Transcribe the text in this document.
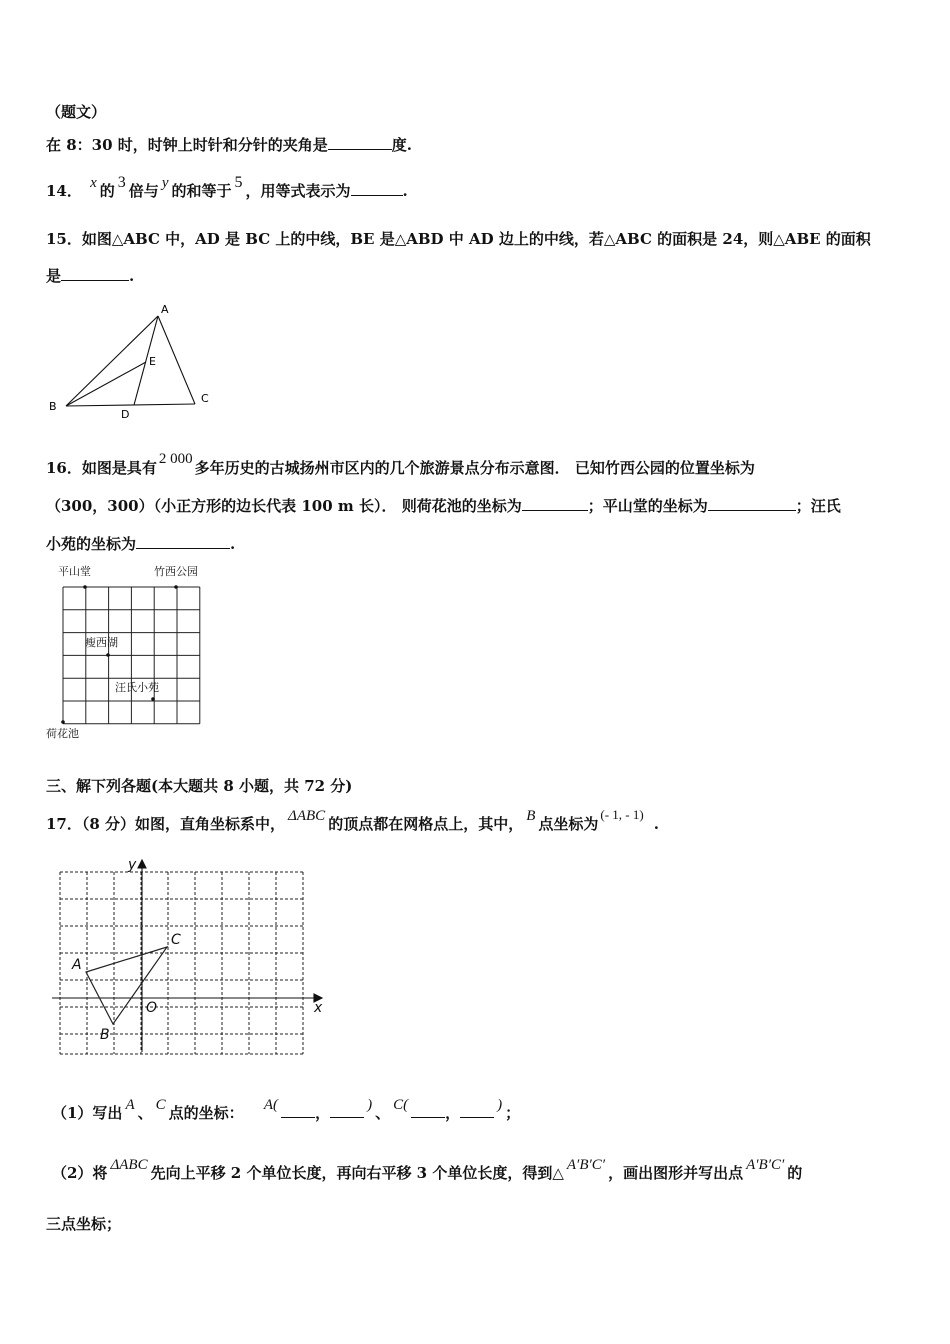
（题文）
在 8：30 时，时钟上时针和分针的夹角是	度.
14． x 的 3 倍与 y 的和等于 5 ，用等式表示为	.
15．如图△ABC 中，AD 是 BC 上的中线，BE 是△ABD 中 AD 边上的中线，若△ABC 的面积是 24，则△ABE 的面积
是	.
A
B
C
D
E
16．如图是具有 2 000 多年历史的古城扬州市区内的几个旅游景点分布示意图． 已知竹西公园的位置坐标为
（300，300）（小正方形的边长代表 100 m 长）． 则荷花池的坐标为	；平山堂的坐标为	；汪氏
小苑的坐标为	.
平山堂	竹西公园
瘦西湖
汪氏小苑
荷花池
三、解下列各题(本大题共 8 小题，共 72 分)
17．（8 分）如图，直角坐标系中， ΔABC 的顶点都在网格点上，其中， B 点坐标为(- 1, - 1).
A
B
C
O	x
y
（1）写出 A 、 C 点的坐标： A( ， ) 、 C( ， ) ；
（2）将 ΔABC 先向上平移 2 个单位长度，再向右平移 3 个单位长度，得到△ A′B′C′ ，画出图形并写出点 A′B′C′ 的
三点坐标；
